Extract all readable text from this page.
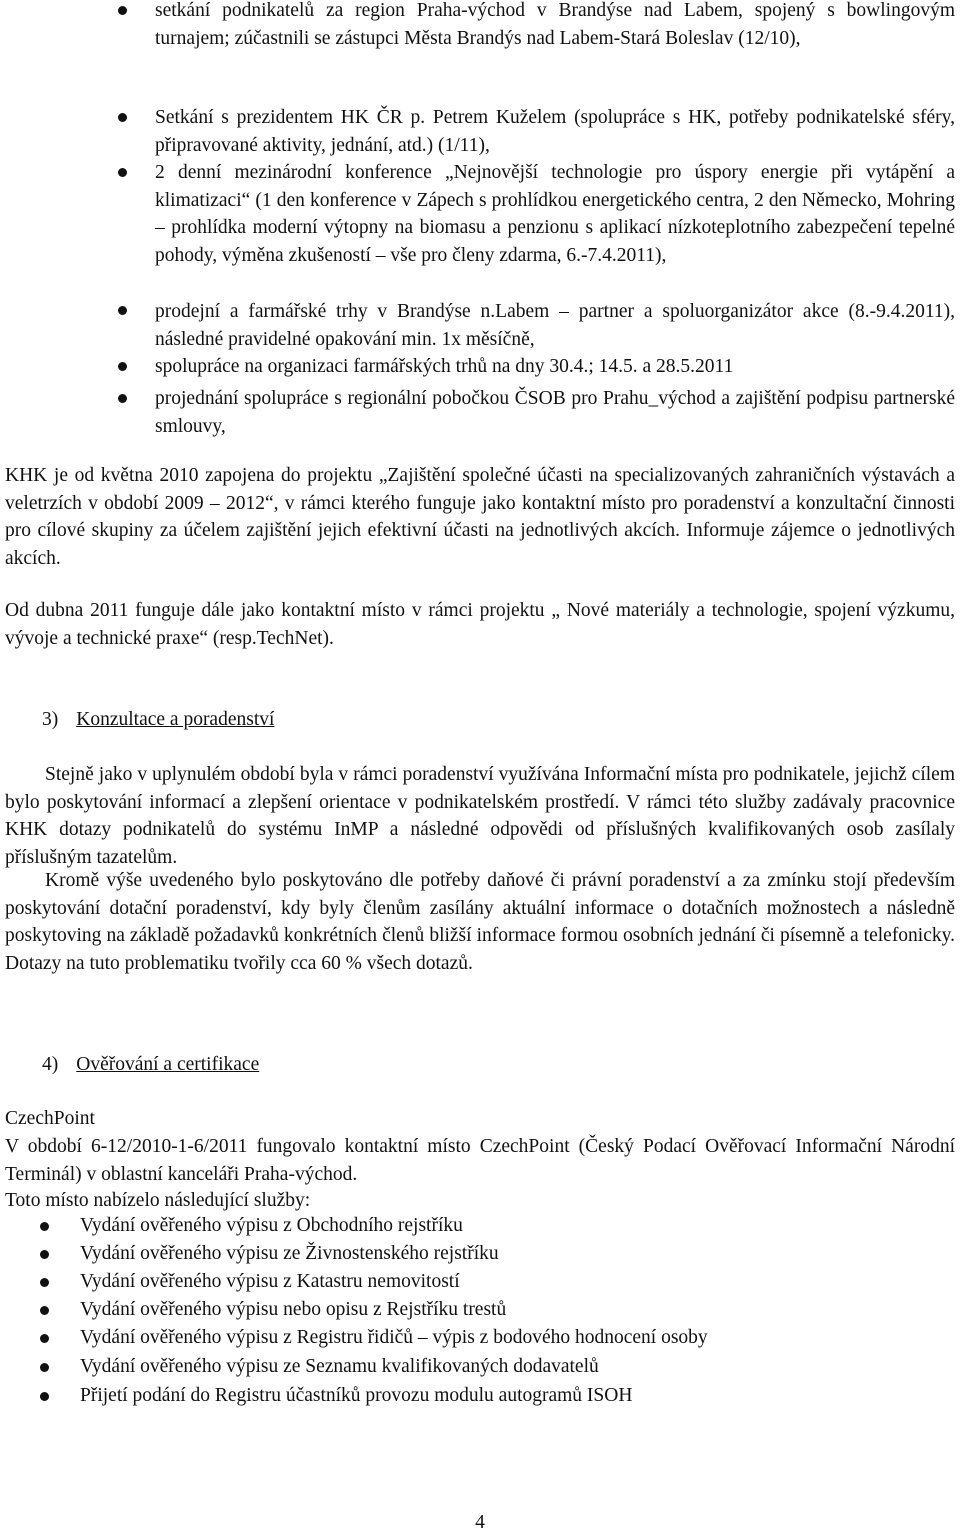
setkání podnikatelů za region Praha-východ v Brandýse nad Labem, spojený s bowlingovým turnajem; zúčastnili se zástupci Města Brandýs nad Labem-Stará Boleslav (12/10),
Setkání s prezidentem HK ČR p. Petrem Kuželem (spolupráce s HK, potřeby podnikatelské sféry, připravované aktivity, jednání, atd.) (1/11),
2 denní mezinárodní konference „Nejnovější technologie pro úspory energie při vytápění a klimatizaci“ (1 den konference v Zápech s prohlídkou energetického centra, 2 den Německo, Mohring – prohlídka moderní výtopny na biomasu a penzionu s aplikací nízkoteplotního zabezpečení tepelné pohody, výměna zkušeností – vše pro členy zdarma, 6.-7.4.2011),
prodejní a farmářské trhy v Brandýse n.Labem – partner a spoluorganizátor akce (8.-9.4.2011), následné pravidelné opakování min. 1x měsíčně,
spolupráce na organizaci farmářských trhů na dny 30.4.; 14.5. a 28.5.2011
projednání spolupráce s regionální pobočkou ČSOB pro Prahu_východ a zajištění podpisu partnerské smlouvy,
KHK je od května 2010 zapojena do projektu „Zajištění společné účasti na specializovaných zahraničních výstavách a veletrzích v období 2009 – 2012“, v rámci kterého funguje jako kontaktní místo pro poradenství a konzultační činnosti pro cílové skupiny za účelem zajištění jejich efektivní účasti na jednotlivých akcích. Informuje zájemce o jednotlivých akcích.
Od dubna 2011 funguje dále jako kontaktní místo v rámci projektu „ Nové materiály a technologie, spojení výzkumu, vývoje a technické praxe“ (resp.TechNet).
3) Konzultace a poradenství
Stejně jako v uplynulém období byla v rámci poradenství využívána Informační místa pro podnikatele, jejichž cílem bylo poskytování informací a zlepšení orientace v podnikatelském prostředí. V rámci této služby zadávaly pracovnice KHK dotazy podnikatelů do systému InMP a následné odpovědi od příslušných kvalifikovaných osob zasílaly příslušným tazatelům.
Kromě výše uvedeného bylo poskytováno dle potřeby daňové či právní poradenství a za zmínku stojí především poskytování dotační poradenství, kdy byly členům zasílány aktuální informace o dotačních možnostech a následně poskytoving na základě požadavků konkrétních členů bližší informace formou osobních jednání či písemně a telefonicky. Dotazy na tuto problematiku tvořily cca 60 % všech dotazů.
4) Ověřování a certifikace
CzechPoint
V období 6-12/2010-1-6/2011 fungovalo kontaktní místo CzechPoint (Český Podací Ověřovací Informační Národní Terminál) v oblastní kanceláři Praha-východ.
Toto místo nabízelo následující služby:
Vydání ověřeného výpisu z Obchodního rejstříku
Vydání ověřeného výpisu ze Živnostenského rejstříku
Vydání ověřeného výpisu z Katastru nemovitostí
Vydání ověřeného výpisu nebo opisu z Rejstříku trestů
Vydání ověřeného výpisu z Registru řidičů – výpis z bodového hodnocení osoby
Vydání ověřeného výpisu ze Seznamu kvalifikovaných dodavatelů
Přijetí podání do Registru účastníků provozu modulu autogramů ISOH
4
